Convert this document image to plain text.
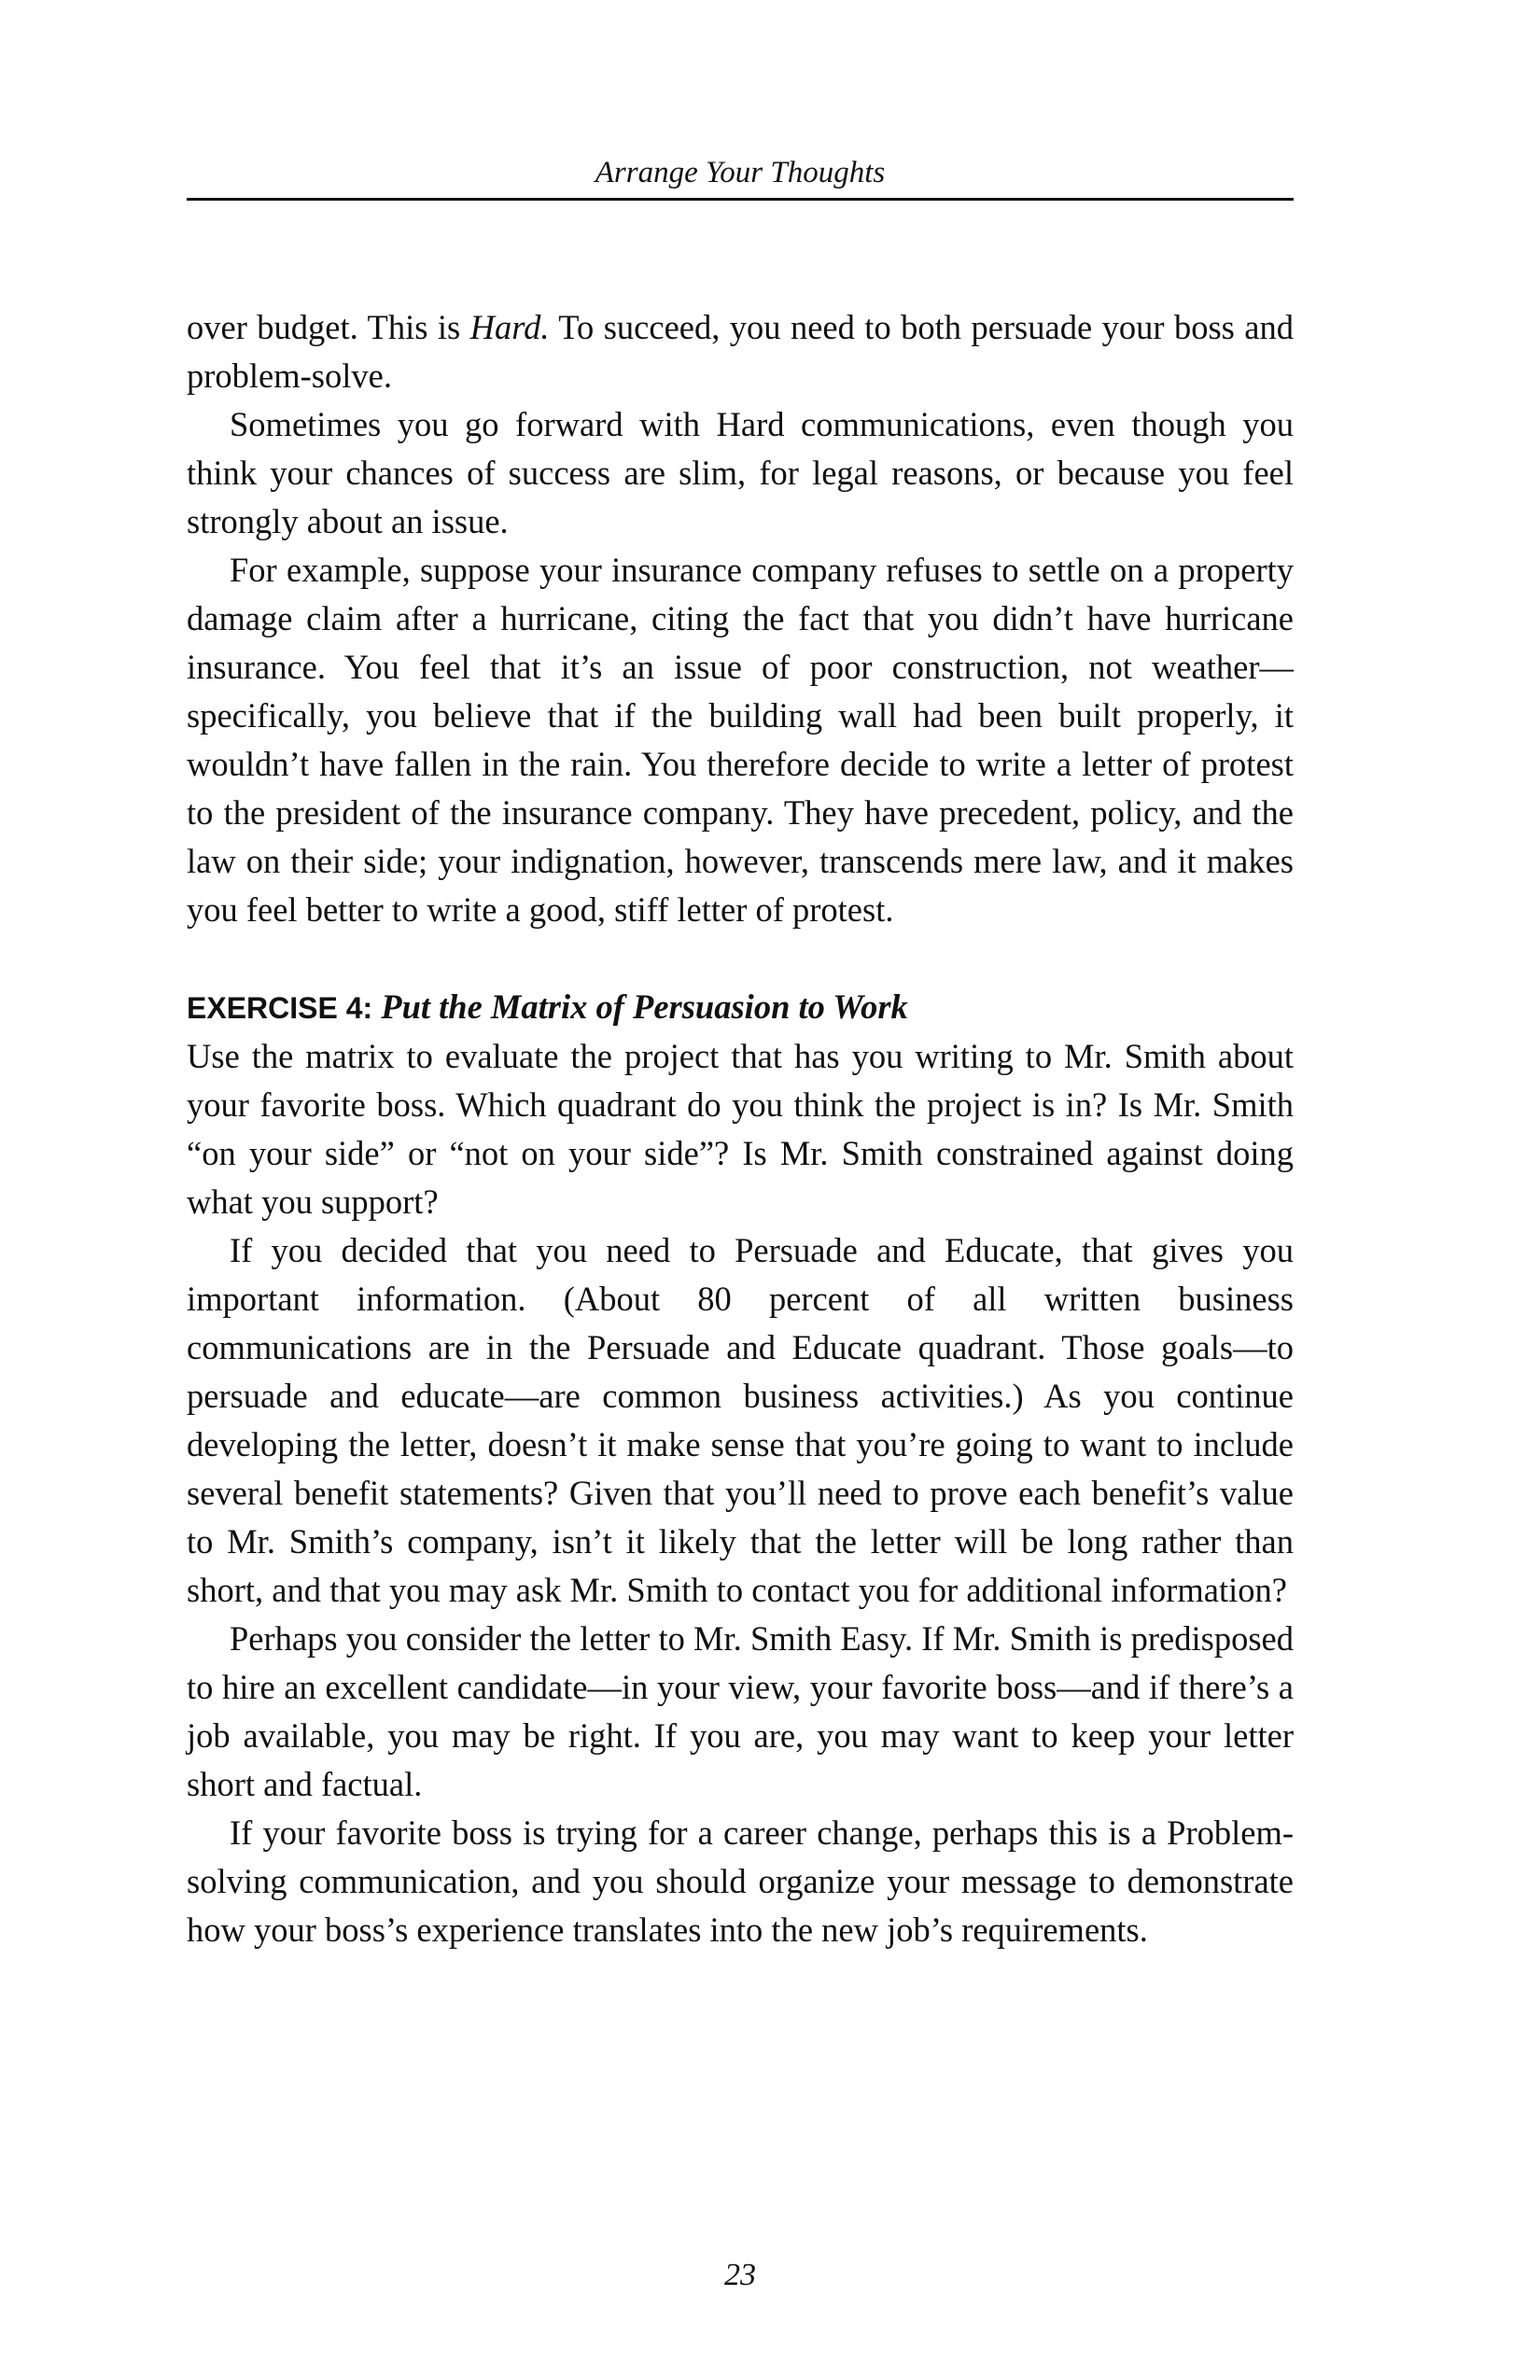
Arrange Your Thoughts

over budget. This is Hard. To succeed, you need to both persuade your boss and problem-solve.

Sometimes you go forward with Hard communications, even though you think your chances of success are slim, for legal reasons, or because you feel strongly about an issue.

For example, suppose your insurance company refuses to settle on a property damage claim after a hurricane, citing the fact that you didn’t have hurricane insurance. You feel that it’s an issue of poor construction, not weather—specifically, you believe that if the building wall had been built properly, it wouldn’t have fallen in the rain. You therefore decide to write a letter of protest to the president of the insurance company. They have precedent, policy, and the law on their side; your indignation, however, transcends mere law, and it makes you feel better to write a good, stiff letter of protest.

EXERCISE 4: Put the Matrix of Persuasion to Work

Use the matrix to evaluate the project that has you writing to Mr. Smith about your favorite boss. Which quadrant do you think the project is in? Is Mr. Smith “on your side” or “not on your side”? Is Mr. Smith constrained against doing what you support?

If you decided that you need to Persuade and Educate, that gives you important information. (About 80 percent of all written business communications are in the Persuade and Educate quadrant. Those goals—to persuade and educate—are common business activities.) As you continue developing the letter, doesn’t it make sense that you’re going to want to include several benefit statements? Given that you’ll need to prove each benefit’s value to Mr. Smith’s company, isn’t it likely that the letter will be long rather than short, and that you may ask Mr. Smith to contact you for additional information?

Perhaps you consider the letter to Mr. Smith Easy. If Mr. Smith is predisposed to hire an excellent candidate—in your view, your favorite boss—and if there’s a job available, you may be right. If you are, you may want to keep your letter short and factual.

If your favorite boss is trying for a career change, perhaps this is a Problem-solving communication, and you should organize your message to demonstrate how your boss’s experience translates into the new job’s requirements.

23
